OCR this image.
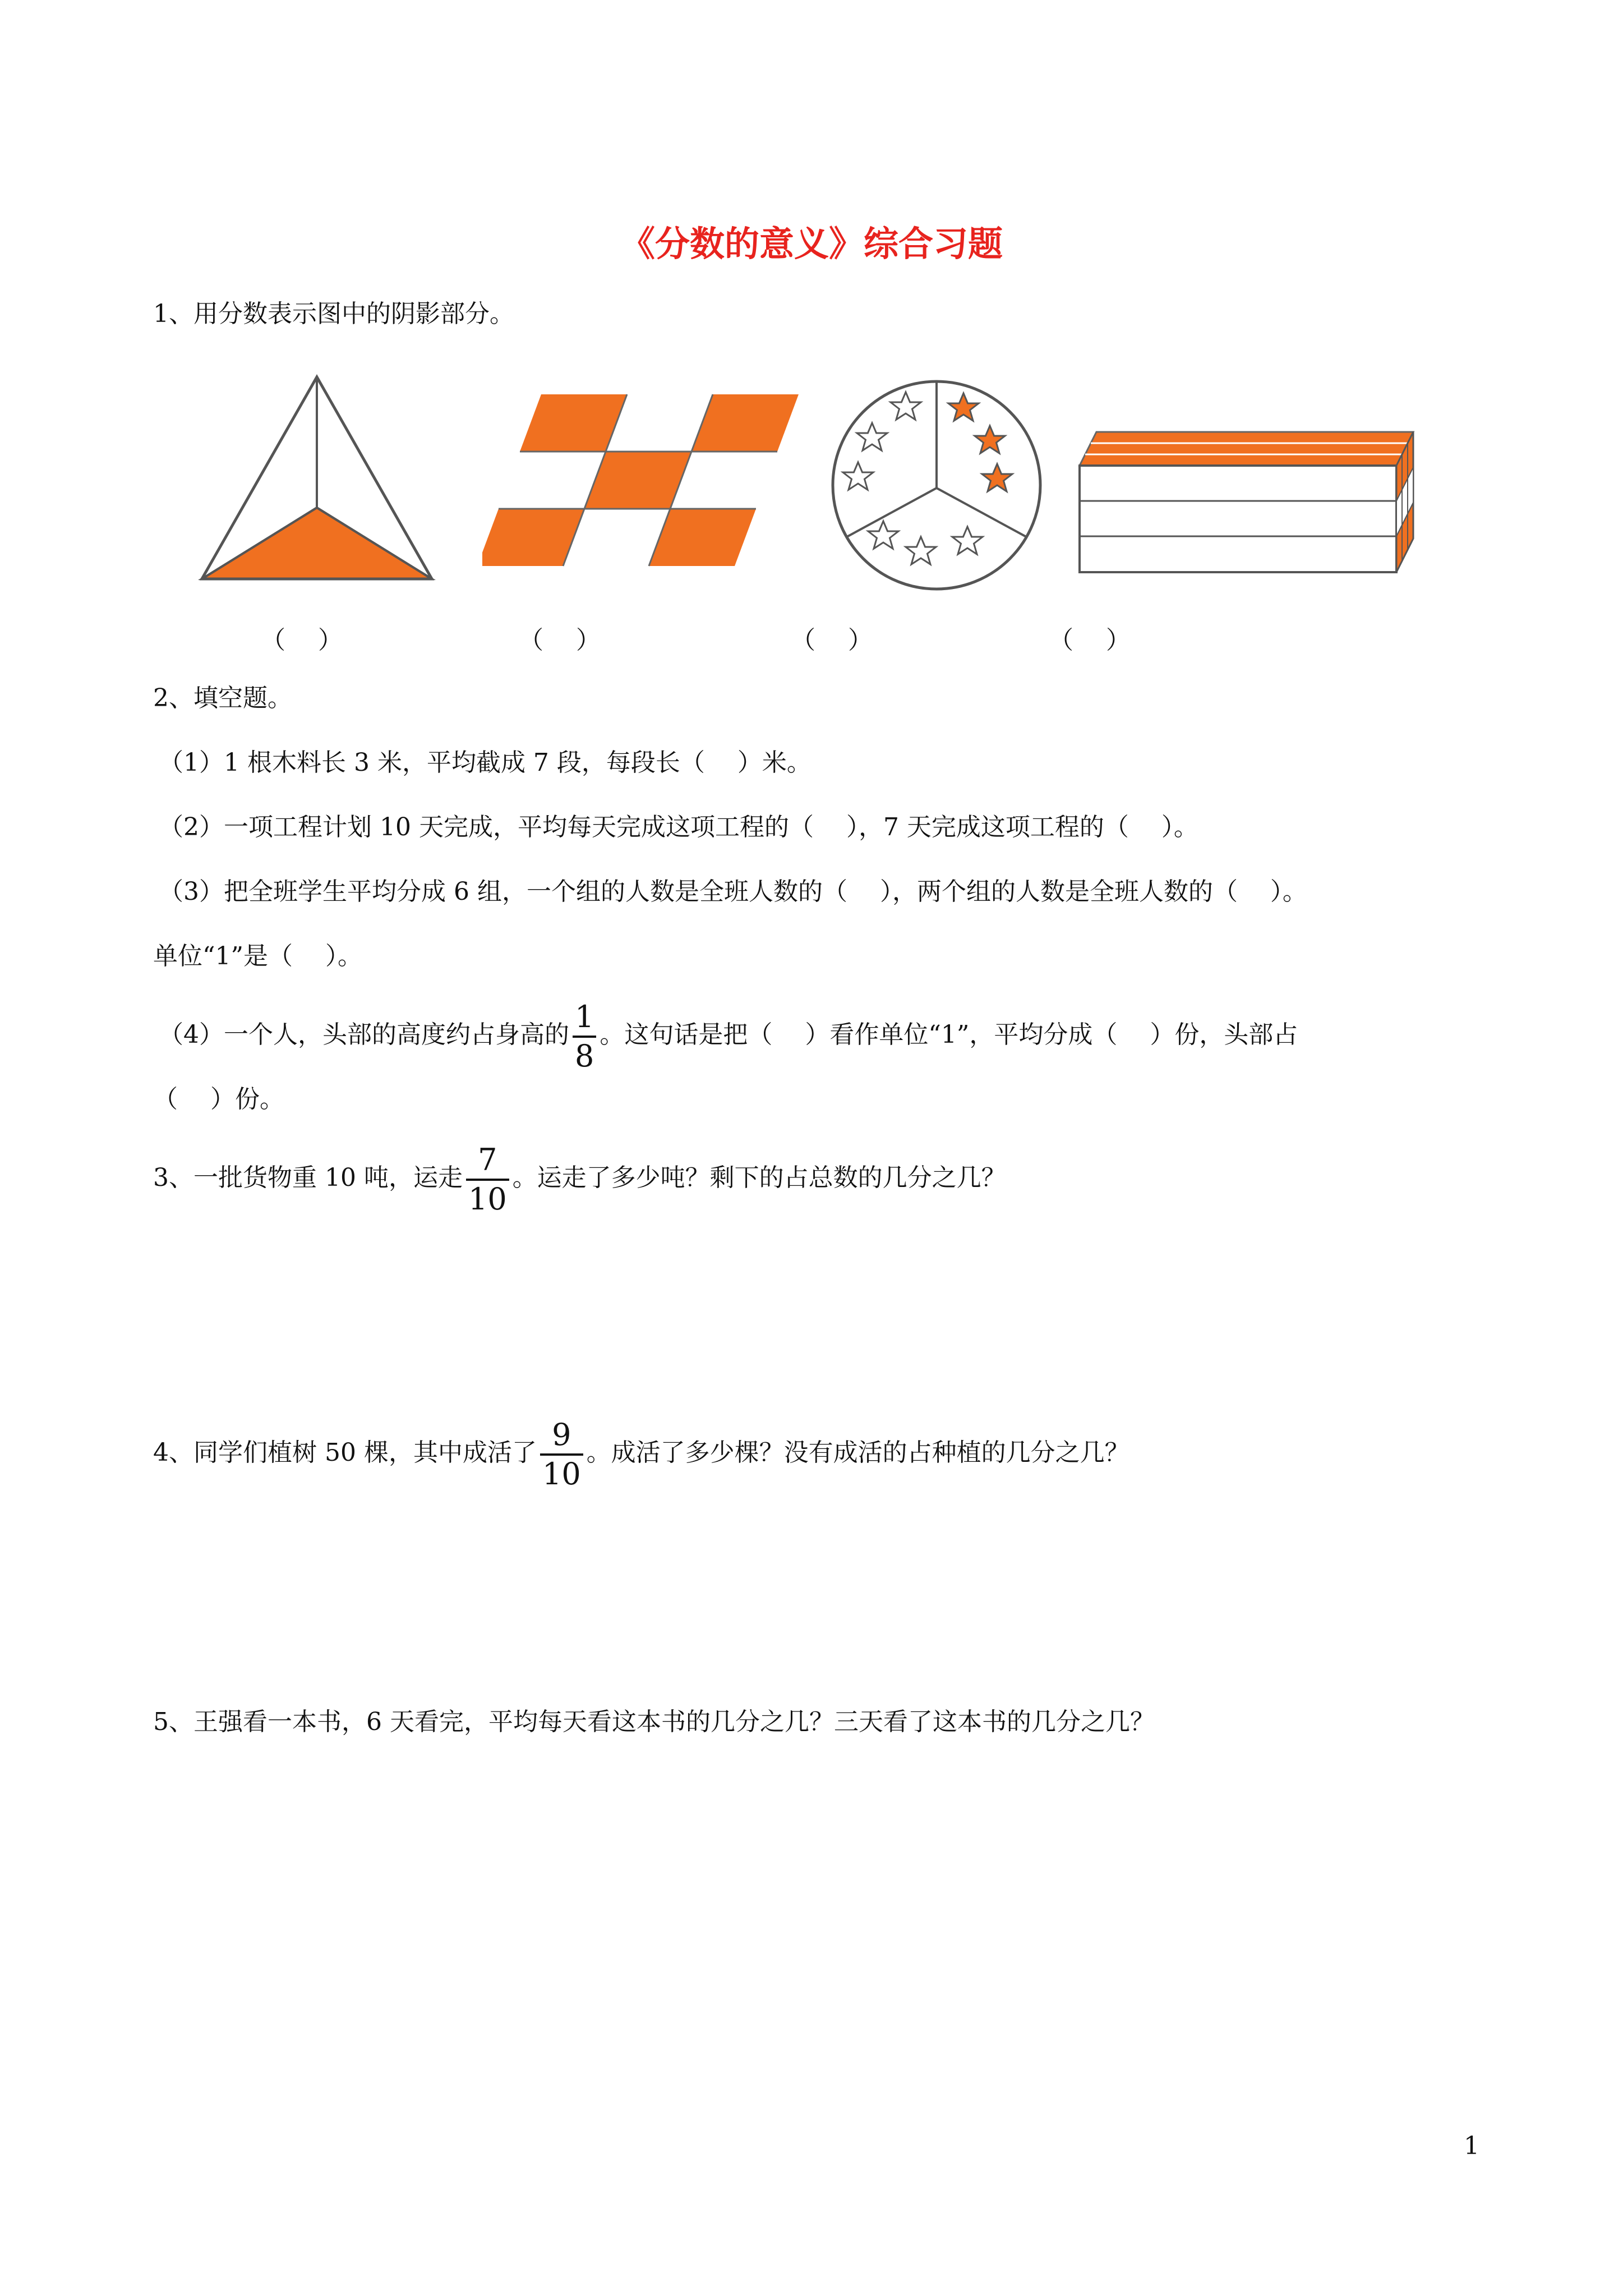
《分数的意义》综合习题
1、用分数表示图中的阴影部分。
（　 ）	（　 ）	（　 ）	（　 ）
2、填空题。
（1）1 根木料长 3 米，平均截成 7 段，每段长（　 ）米。
（2）一项工程计划 10 天完成，平均每天完成这项工程的（　 ），7 天完成这项工程的（　 ）。
（3）把全班学生平均分成 6 组，一个组的人数是全班人数的（　 ），两个组的人数是全班人数的（　 ）。
单位“1”是（　 ）。
（4）一个人，头部的高度约占身高的 $\frac{1}{8}$ 。这句话是把（　 ）看作单位“1”，平均分成（　 ）份，头部占
（　 ）份。
3、一批货物重 10 吨，运走 $\frac{7}{10}$ 。运走了多少吨？剩下的占总数的几分之几？
4、同学们植树 50 棵，其中成活了 $\frac{9}{10}$ 。成活了多少棵？没有成活的占种植的几分之几？
5、王强看一本书，6 天看完，平均每天看这本书的几分之几？三天看了这本书的几分之几？
1
